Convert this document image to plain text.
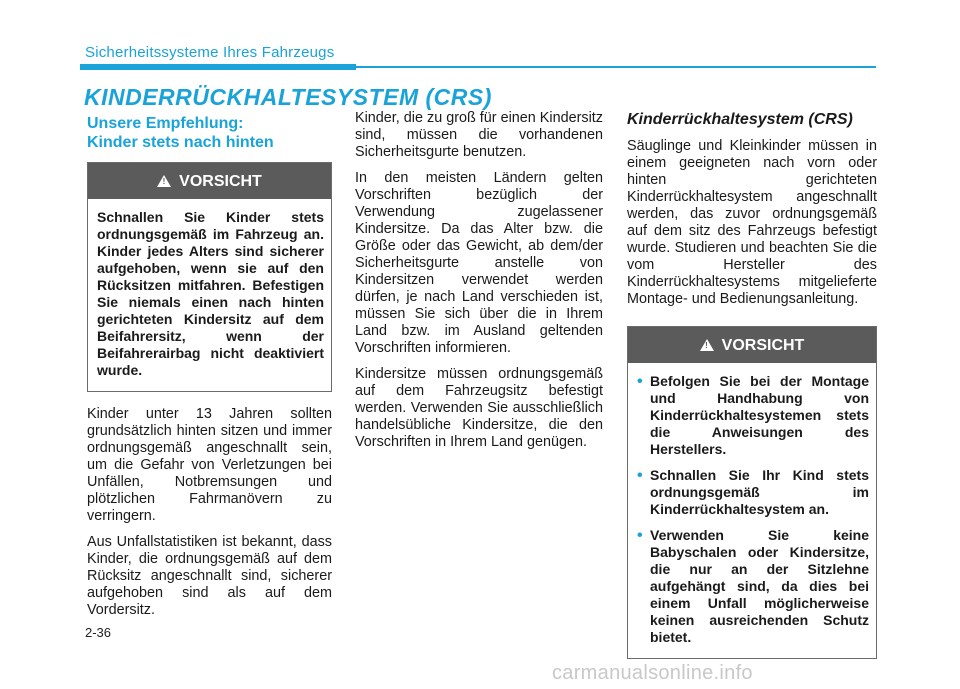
Sicherheitssysteme Ihres Fahrzeugs
KINDERRÜCKHALTESYSTEM (CRS)
Unsere Empfehlung:
Kinder stets nach hinten
! VORSICHT
Schnallen Sie Kinder stets ordnungsgemäß im Fahrzeug an. Kinder jedes Alters sind sicherer aufgehoben, wenn sie auf den Rücksitzen mitfahren. Befestigen Sie niemals einen nach hinten gerichteten Kindersitz auf dem Beifahrersitz, wenn der Beifahrerairbag nicht deaktiviert wurde.

Kinder unter 13 Jahren sollten grundsätzlich hinten sitzen und immer ordnungsgemäß angeschnallt sein, um die Gefahr von Verletzungen bei Unfällen, Notbremsungen und plötzlichen Fahrmanövern zu verringern.

Aus Unfallstatistiken ist bekannt, dass Kinder, die ordnungsgemäß auf dem Rücksitz angeschnallt sind, sicherer aufgehoben sind als auf dem Vordersitz.

Kinder, die zu groß für einen Kindersitz sind, müssen die vorhandenen Sicherheitsgurte benutzen.

In den meisten Ländern gelten Vorschriften bezüglich der Verwendung zugelassener Kindersitze. Da das Alter bzw. die Größe oder das Gewicht, ab dem/der Sicherheitsgurte anstelle von Kindersitzen verwendet werden dürfen, je nach Land verschieden ist, müssen Sie sich über die in Ihrem Land bzw. im Ausland geltenden Vorschriften informieren.

Kindersitze müssen ordnungsgemäß auf dem Fahrzeugsitz befestigt werden. Verwenden Sie ausschließlich handelsübliche Kindersitze, die den Vorschriften in Ihrem Land genügen.

Kinderrückhaltesystem (CRS)

Säuglinge und Kleinkinder müssen in einem geeigneten nach vorn oder hinten gerichteten Kinderrückhaltesystem angeschnallt werden, das zuvor ordnungsgemäß auf dem sitz des Fahrzeugs befestigt wurde. Studieren und beachten Sie die vom Hersteller des Kinderrückhaltesystems mitgelieferte Montage- und Bedienungsanleitung.

! VORSICHT
• Befolgen Sie bei der Montage und Handhabung von Kinderrückhaltesystemen stets die Anweisungen des Herstellers.
• Schnallen Sie Ihr Kind stets ordnungsgemäß im Kinderrückhaltesystem an.
• Verwenden Sie keine Babyschalen oder Kindersitze, die nur an der Sitzlehne aufgehängt sind, da dies bei einem Unfall möglicherweise keinen ausreichenden Schutz bietet.
2-36
carmanualsonline.info
